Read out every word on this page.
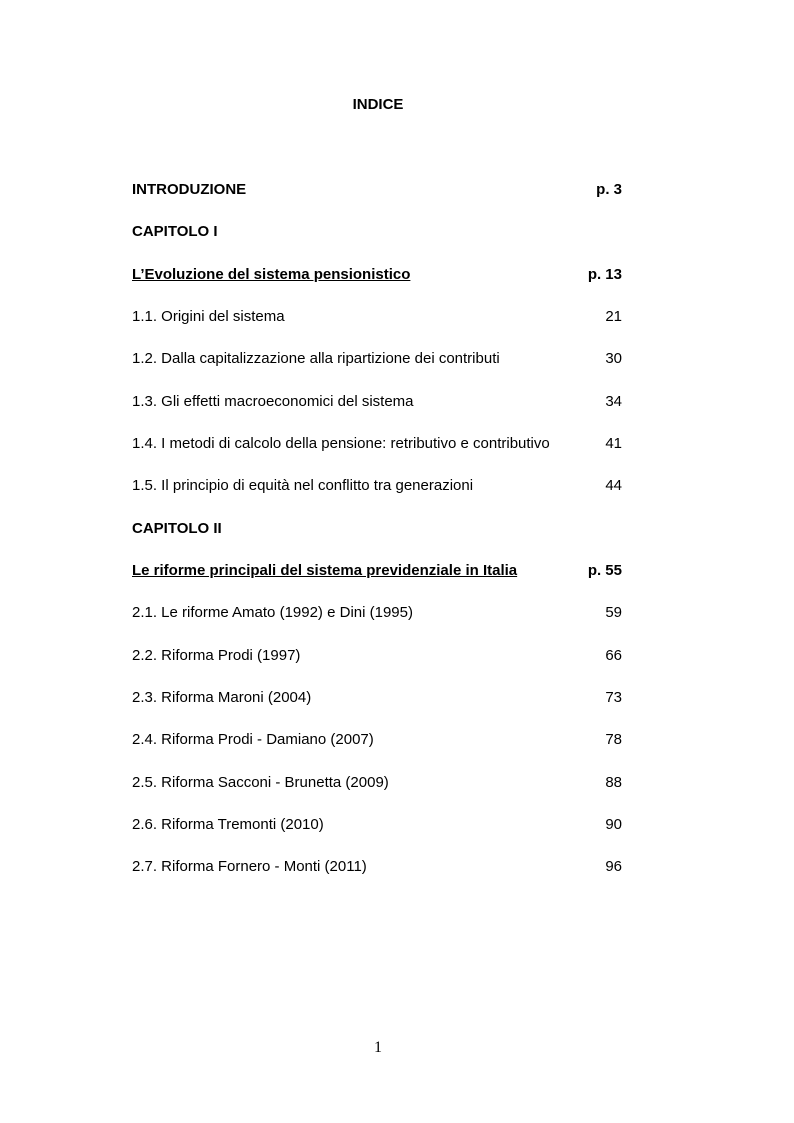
INDICE
INTRODUZIONE	p. 3
CAPITOLO I
L’Evoluzione del sistema pensionistico	p. 13
1.1. Origini del sistema	21
1.2. Dalla capitalizzazione alla ripartizione dei contributi	30
1.3. Gli effetti macroeconomici del sistema	34
1.4. I metodi di calcolo della pensione: retributivo e contributivo	41
1.5. Il principio di equità nel conflitto tra generazioni	44
CAPITOLO II
Le riforme principali del sistema previdenziale in Italia	p. 55
2.1. Le riforme Amato (1992) e Dini (1995)	59
2.2. Riforma Prodi (1997)	66
2.3. Riforma Maroni (2004)	73
2.4. Riforma Prodi - Damiano (2007)	78
2.5. Riforma Sacconi - Brunetta (2009)	88
2.6. Riforma Tremonti (2010)	90
2.7. Riforma Fornero - Monti (2011)	96
1
